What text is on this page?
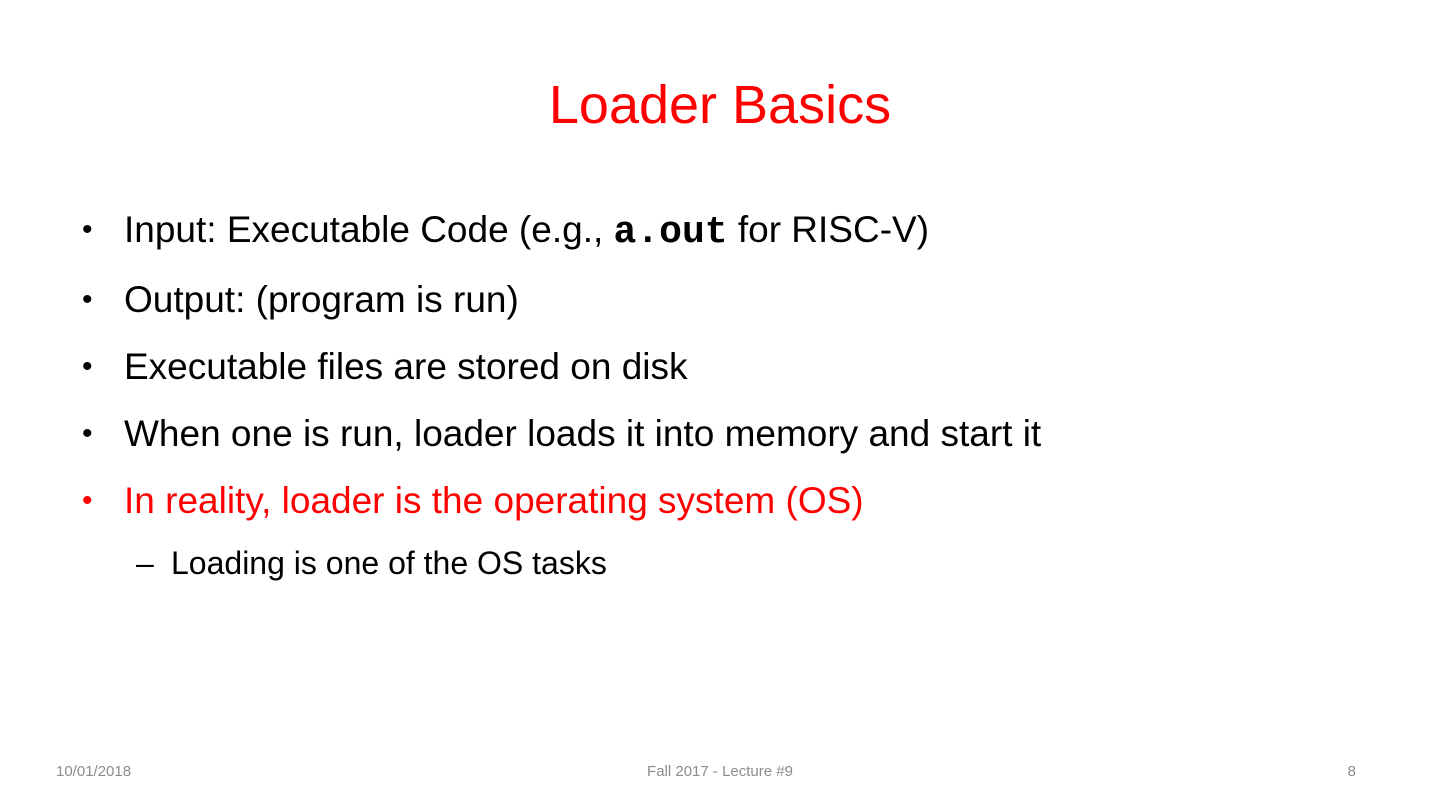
Loader Basics
• Input: Executable Code (e.g., a.out for RISC-V)
• Output: (program is run)
• Executable files are stored on disk
• When one is run, loader loads it into memory and start it
• In reality, loader is the operating system (OS)
– Loading is one of the OS tasks
10/01/2018	Fall 2017 - Lecture #9	8
